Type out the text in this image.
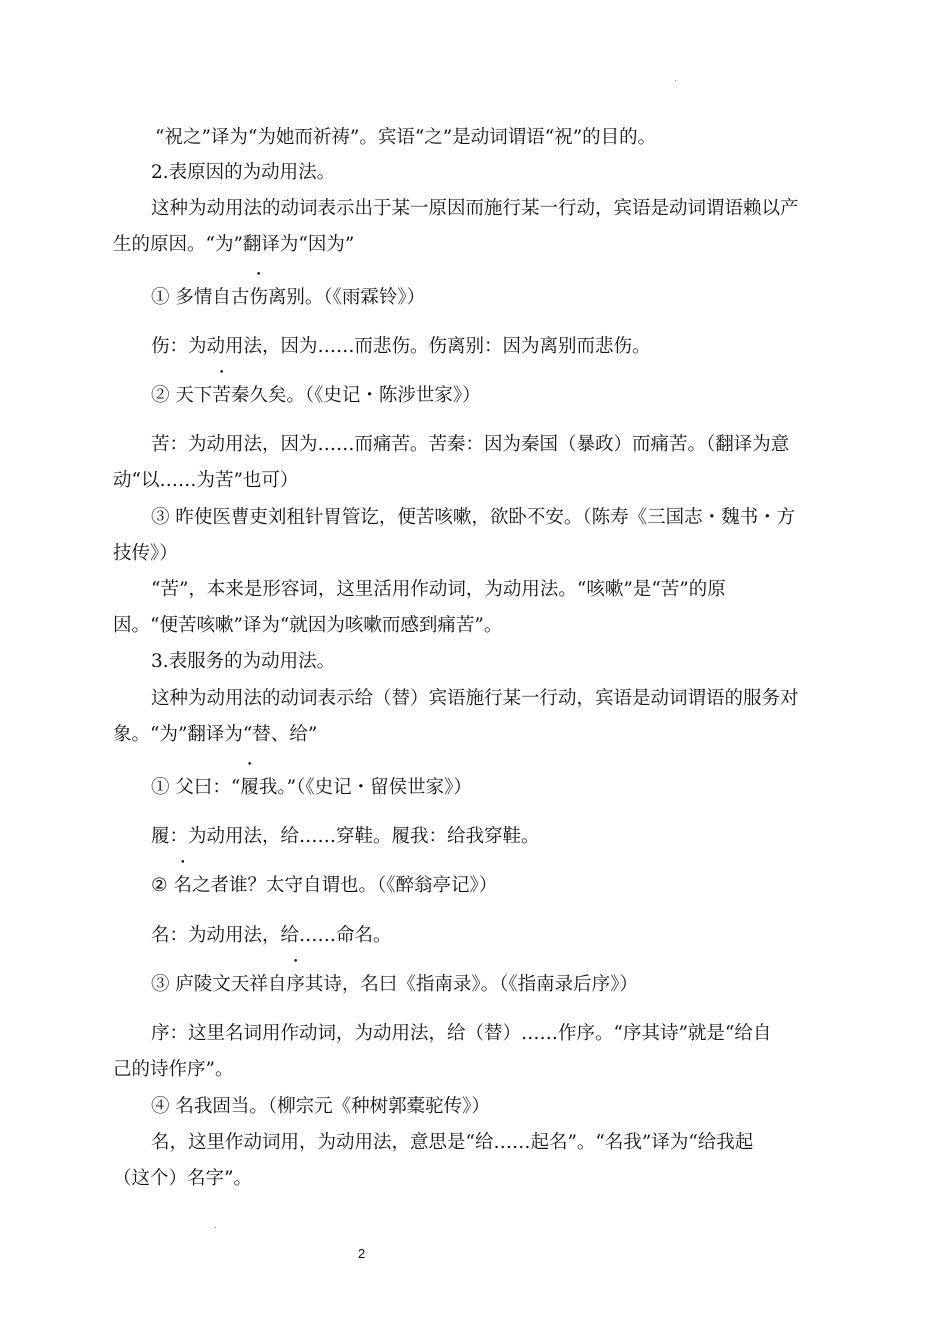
“祝之”译为“为她而祈祷”。宾语“之”是动词谓语“祝”的目的。
2.表原因的为动用法。
这种为动用法的动词表示出于某一原因而施行某一行动，宾语是动词谓语赖以产
生的原因。“为”翻译为“因为”
① 多情自古伤离别。（《雨霖铃》）
伤：为动用法，因为……而悲伤。伤离别：因为离别而悲伤。
② 天下苦秦久矣。（《史记・陈涉世家》）
苦：为动用法，因为……而痛苦。苦秦：因为秦国（暴政）而痛苦。（翻译为意
动“以……为苦”也可）
③ 昨使医曹吏刘租针胃管讫，便苦咳嗽，欲卧不安。（陈寿《三国志・魏书・方
技传》）
“苦”，本来是形容词，这里活用作动词，为动用法。“咳嗽”是“苦”的原
因。“便苦咳嗽”译为“就因为咳嗽而感到痛苦”。
3.表服务的为动用法。
这种为动用法的动词表示给（替）宾语施行某一行动，宾语是动词谓语的服务对
象。“为”翻译为“替、给”
① 父曰：“履我。”（《史记・留侯世家》）
履：为动用法，给……穿鞋。履我：给我穿鞋。
② 名之者谁？太守自谓也。（《醉翁亭记》）
名：为动用法，给……命名。
③ 庐陵文天祥自序其诗，名曰《指南录》。（《指南录后序》）
序：这里名词用作动词，为动用法，给（替）……作序。“序其诗”就是“给自
己的诗作序”。
④ 名我固当。（柳宗元《种树郭橐驼传》）
名，这里作动词用，为动用法，意思是“给……起名”。“名我”译为“给我起
（这个）名字”。
2
